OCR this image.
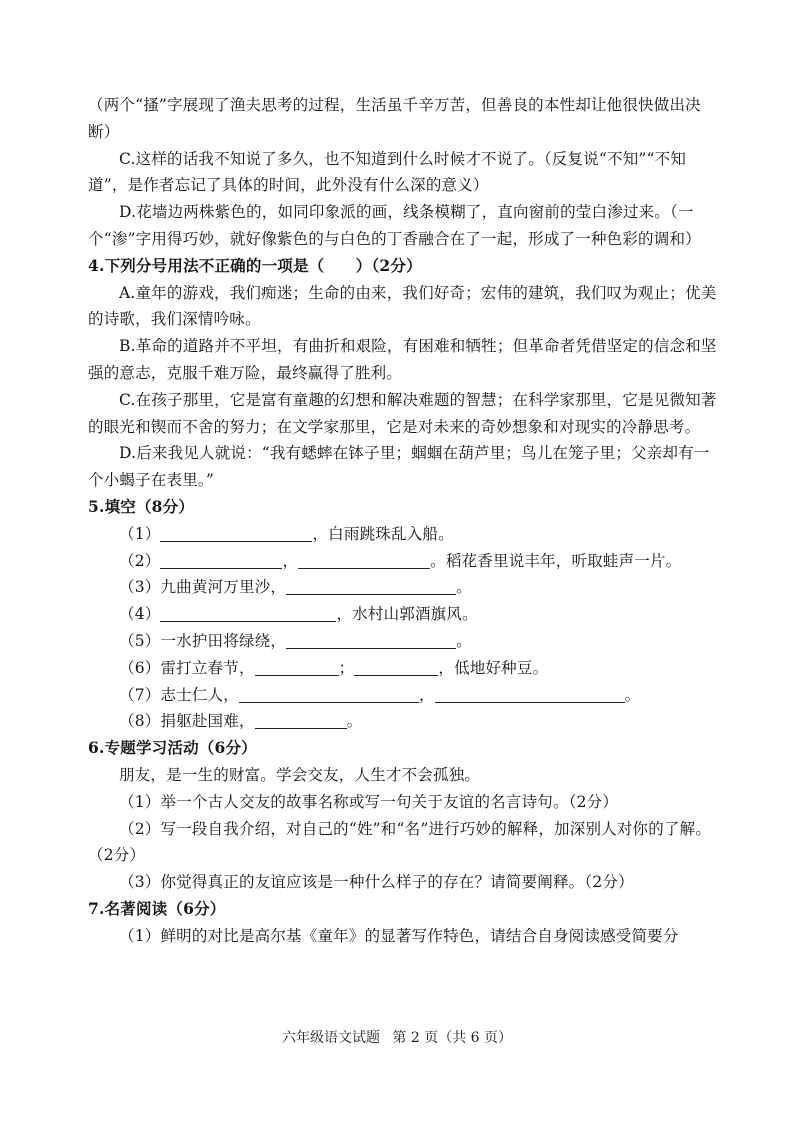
（两个“搔”字展现了渔夫思考的过程，生活虽千辛万苦，但善良的本性却让他很快做出决断）

C.这样的话我不知说了多久，也不知道到什么时候才不说了。（反复说“不知”“不知道”，是作者忘记了具体的时间，此外没有什么深的意义）

D.花墙边两株紫色的，如同印象派的画，线条模糊了，直向窗前的莹白渗过来。（一个“渗”字用得巧妙，就好像紫色的与白色的丁香融合在了一起，形成了一种色彩的调和）

4.下列分号用法不正确的一项是（　　）（2分）

A.童年的游戏，我们痴迷；生命的由来，我们好奇；宏伟的建筑，我们叹为观止；优美的诗歌，我们深情吟咏。

B.革命的道路并不平坦，有曲折和艰险，有困难和牺牲；但革命者凭借坚定的信念和坚强的意志，克服千难万险，最终赢得了胜利。

C.在孩子那里，它是富有童趣的幻想和解决难题的智慧；在科学家那里，它是见微知著的眼光和锲而不舍的努力；在文学家那里，它是对未来的奇妙想象和对现实的冷静思考。

D.后来我见人就说：“我有蟋蟀在钵子里；蝈蝈在葫芦里；鸟儿在笼子里；父亲却有一个小蝎子在表里。”

5.填空（8分）

（1）	，白雨跳珠乱入船。

（2）	，	。稻花香里说丰年，听取蛙声一片。

（3）九曲黄河万里沙，	。

（4）	，水村山郭酒旗风。

（5）一水护田将绿绕，	。

（6）雷打立春节，	；	，低地好种豆。

（7）志士仁人，	，	。

（8）捐躯赴国难，	。

6.专题学习活动（6分）

朋友，是一生的财富。学会交友，人生才不会孤独。

（1）举一个古人交友的故事名称或写一句关于友谊的名言诗句。（2分）

（2）写一段自我介绍，对自己的“姓”和“名”进行巧妙的解释，加深别人对你的了解。（2分）

（3）你觉得真正的友谊应该是一种什么样子的存在？请简要阐释。（2分）

7.名著阅读（6分）

（1）鲜明的对比是高尔基《童年》的显著写作特色，请结合自身阅读感受简要分

六年级语文试题 第 2 页（共 6 页）
